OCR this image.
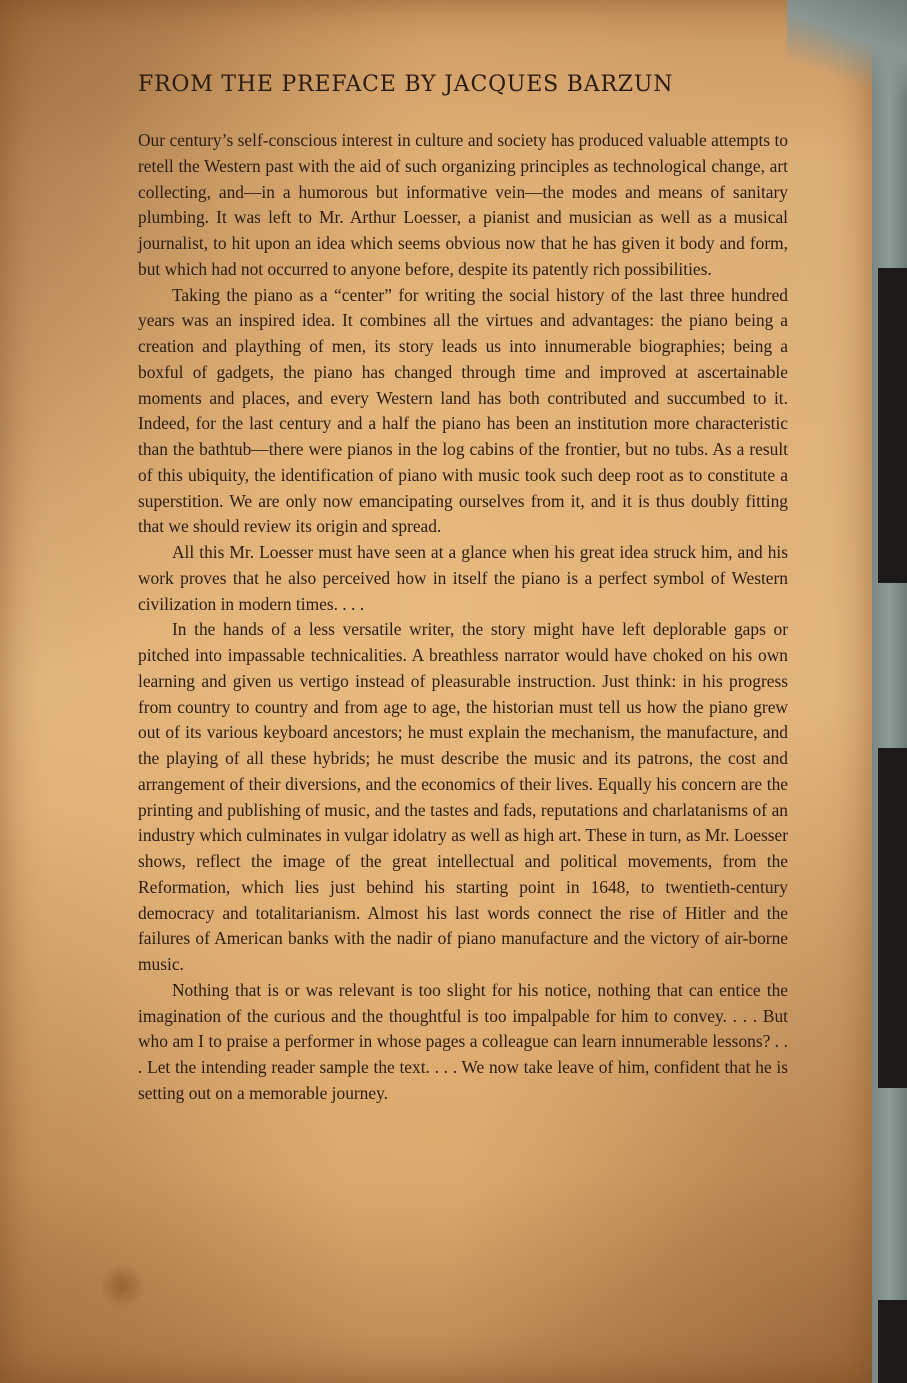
FROM THE PREFACE BY JACQUES BARZUN

Our century’s self-conscious interest in culture and society has produced valuable attempts to retell the Western past with the aid of such organizing principles as technological change, art collecting, and—in a humorous but informative vein—the modes and means of sanitary plumbing. It was left to Mr. Arthur Loesser, a pianist and musician as well as a musical journalist, to hit upon an idea which seems obvious now that he has given it body and form, but which had not occurred to anyone before, despite its patently rich possibilities.

Taking the piano as a “center” for writing the social history of the last three hundred years was an inspired idea. It combines all the virtues and advantages: the piano being a creation and plaything of men, its story leads us into innumerable biographies; being a boxful of gadgets, the piano has changed through time and improved at ascertainable moments and places, and every Western land has both contributed and succumbed to it. Indeed, for the last century and a half the piano has been an institution more characteristic than the bathtub—there were pianos in the log cabins of the frontier, but no tubs. As a result of this ubiquity, the identification of piano with music took such deep root as to constitute a superstition. We are only now emancipating ourselves from it, and it is thus doubly fitting that we should review its origin and spread.

All this Mr. Loesser must have seen at a glance when his great idea struck him, and his work proves that he also perceived how in itself the piano is a perfect symbol of Western civilization in modern times. . . .

In the hands of a less versatile writer, the story might have left deplorable gaps or pitched into impassable technicalities. A breathless narrator would have choked on his own learning and given us vertigo instead of pleasurable instruction. Just think: in his progress from country to country and from age to age, the historian must tell us how the piano grew out of its various keyboard ancestors; he must explain the mechanism, the manufacture, and the playing of all these hybrids; he must describe the music and its patrons, the cost and arrangement of their diversions, and the economics of their lives. Equally his concern are the printing and publishing of music, and the tastes and fads, reputations and charlatanisms of an industry which culminates in vulgar idolatry as well as high art. These in turn, as Mr. Loesser shows, reflect the image of the great intellectual and political movements, from the Reformation, which lies just behind his starting point in 1648, to twentieth-century democracy and totalitarianism. Almost his last words connect the rise of Hitler and the failures of American banks with the nadir of piano manufacture and the victory of air-borne music.

Nothing that is or was relevant is too slight for his notice, nothing that can entice the imagination of the curious and the thoughtful is too impalpable for him to convey. . . . But who am I to praise a performer in whose pages a colleague can learn innumerable lessons? . . . Let the intending reader sample the text. . . . We now take leave of him, confident that he is setting out on a memorable journey.
